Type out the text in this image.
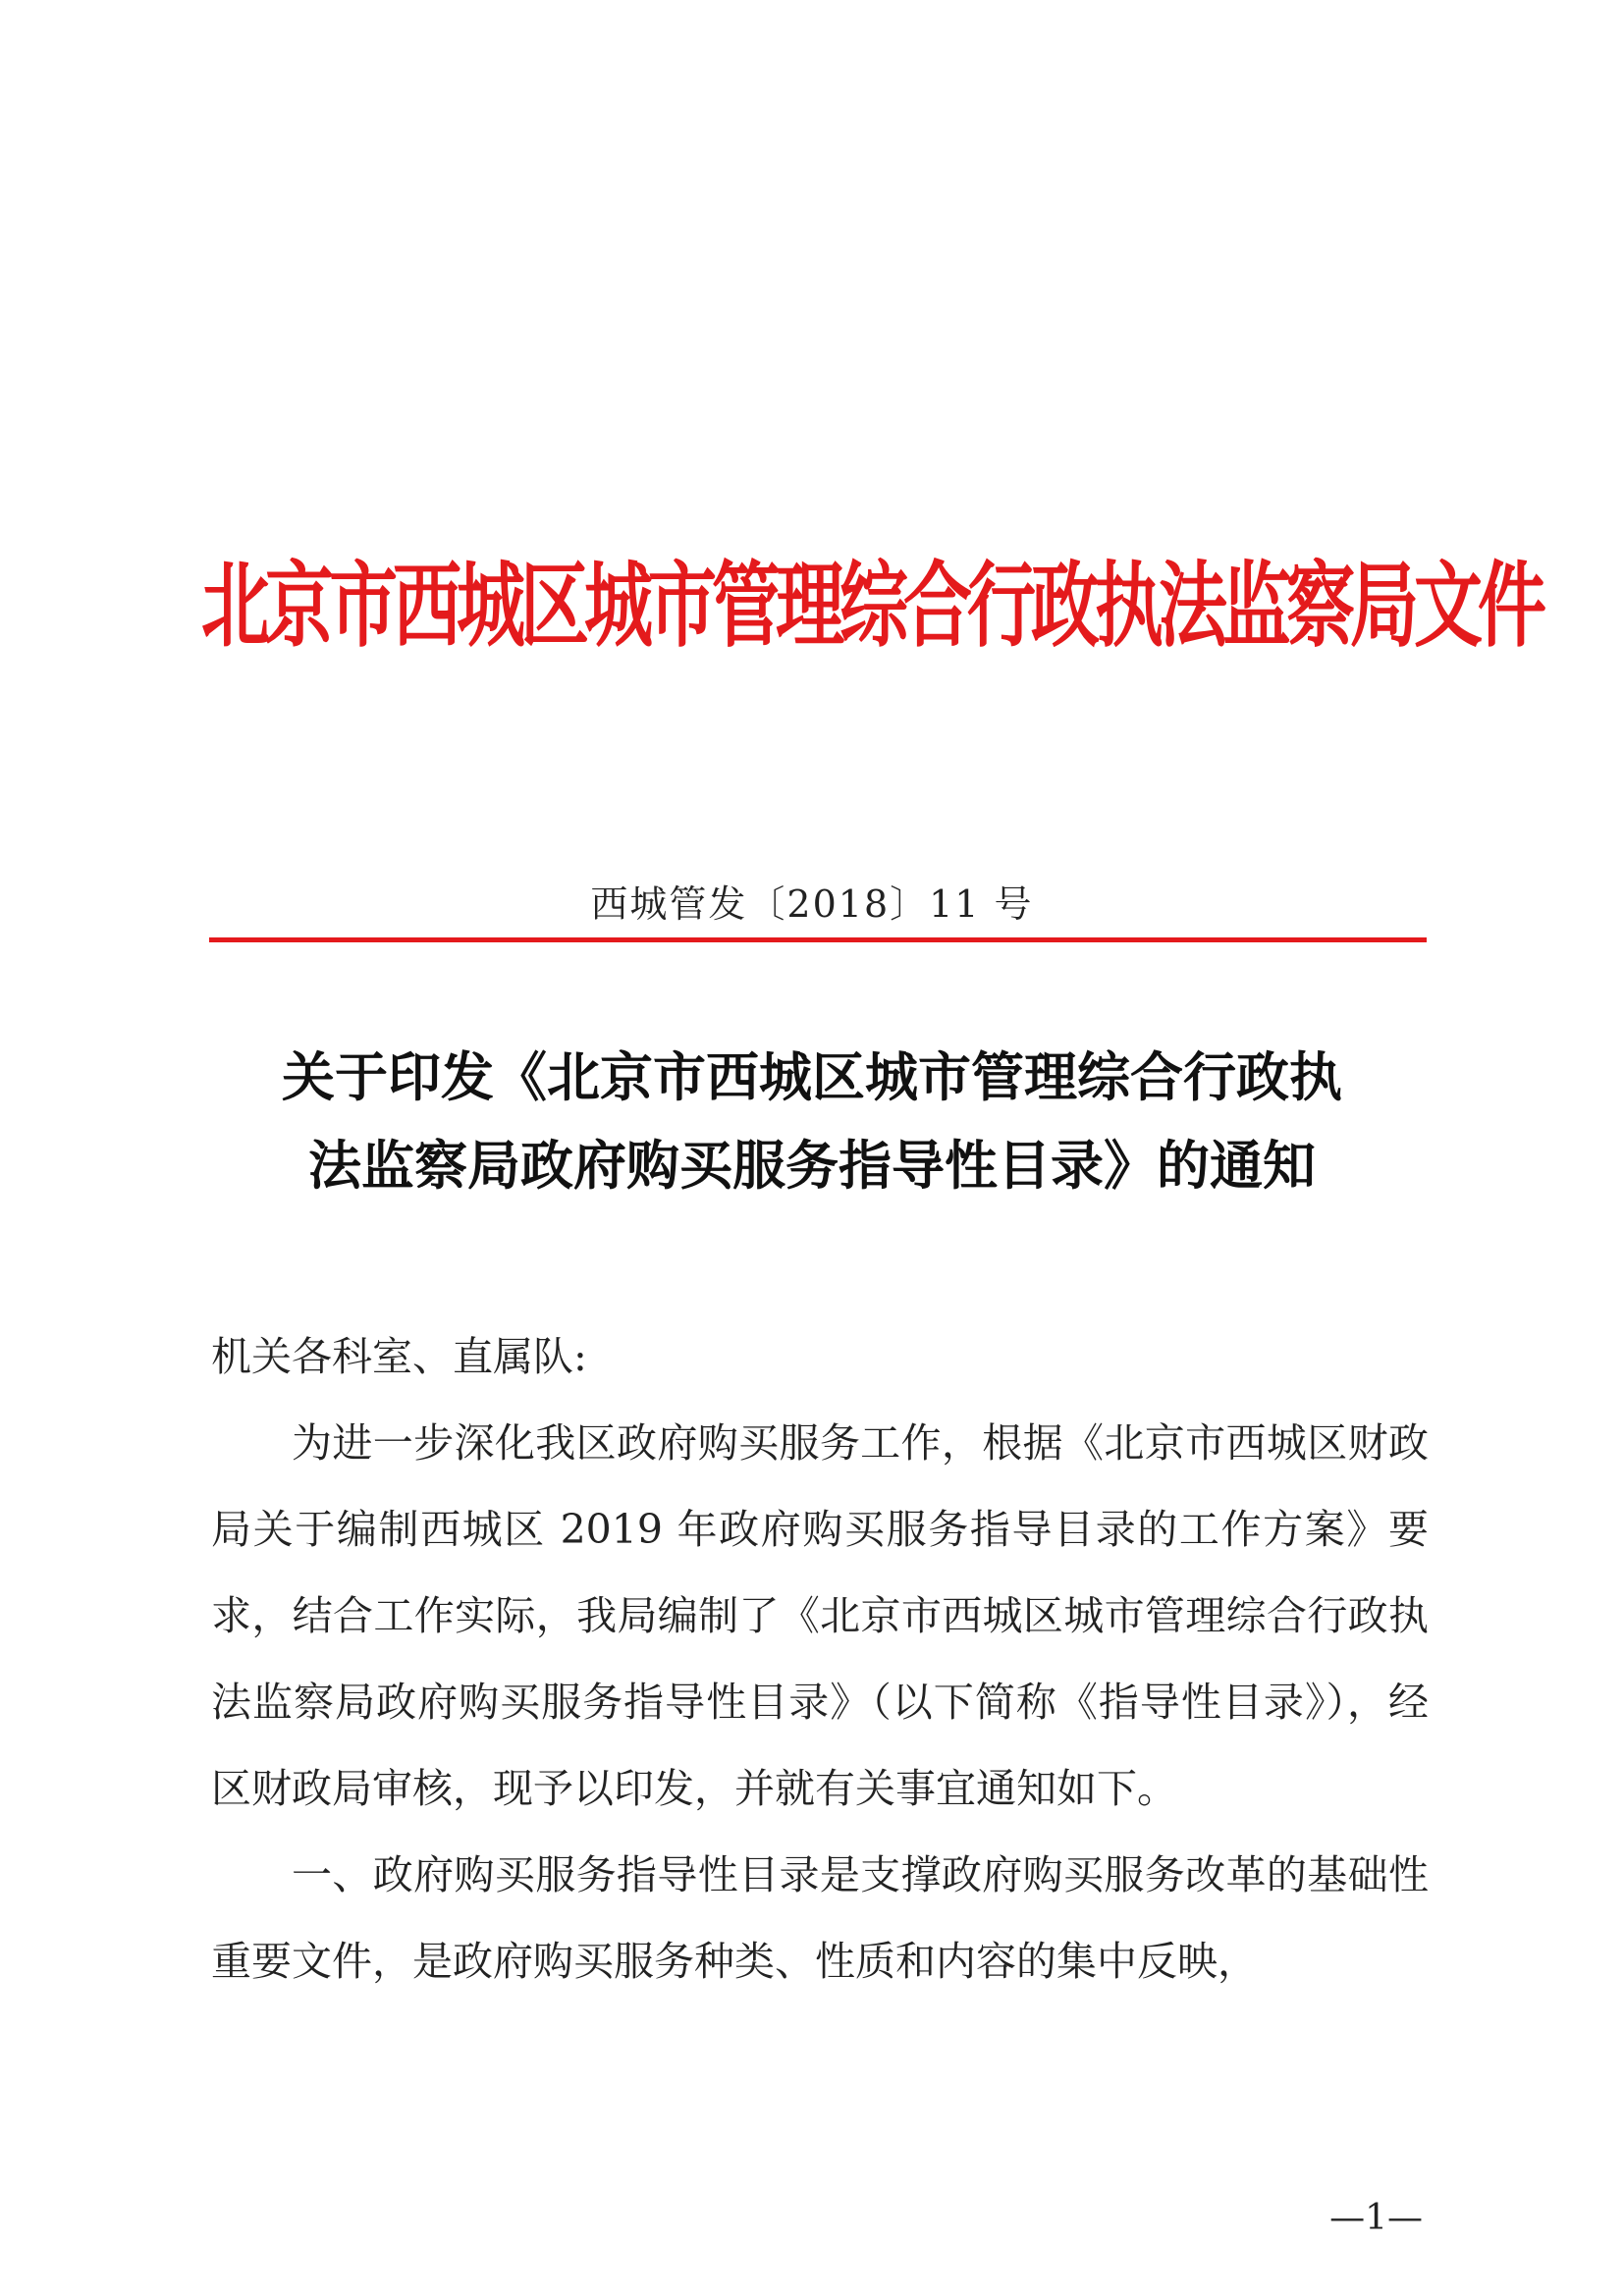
北京市西城区城市管理综合行政执法监察局文件
西城管发〔2018〕11 号
关于印发《北京市西城区城市管理综合行政执
法监察局政府购买服务指导性目录》的通知

机关各科室、直属队:

为进一步深化我区政府购买服务工作，根据《北京市西城区财政局关于编制西城区 2019 年政府购买服务指导目录的工作方案》要求，结合工作实际，我局编制了《北京市西城区城市管理综合行政执法监察局政府购买服务指导性目录》（以下简称《指导性目录》），经区财政局审核，现予以印发，并就有关事宜通知如下。

一、政府购买服务指导性目录是支撑政府购买服务改革的基础性重要文件，是政府购买服务种类、性质和内容的集中反映，

—1—
